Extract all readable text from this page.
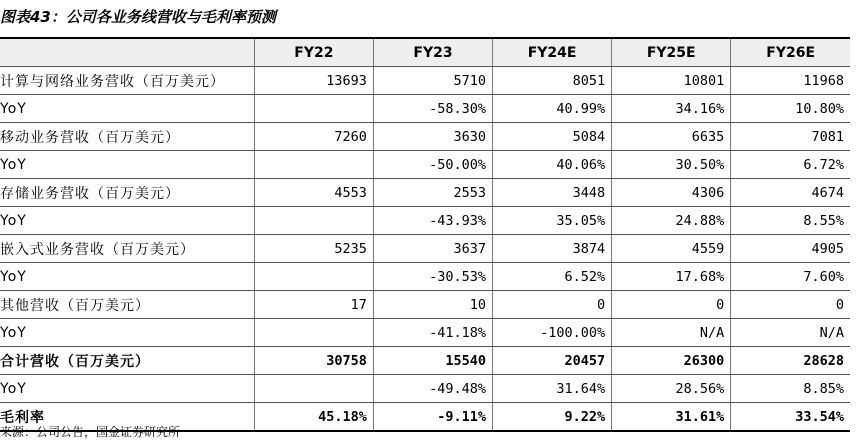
图表43：公司各业务线营收与毛利率预测
	FY22	FY23	FY24E	FY25E	FY26E
计算与网络业务营收（百万美元）	13693	5710	8051	10801	11968
YoY		-58.30%	40.99%	34.16%	10.80%
移动业务营收（百万美元）	7260	3630	5084	6635	7081
YoY		-50.00%	40.06%	30.50%	6.72%
存储业务营收（百万美元）	4553	2553	3448	4306	4674
YoY		-43.93%	35.05%	24.88%	8.55%
嵌入式业务营收（百万美元）	5235	3637	3874	4559	4905
YoY		-30.53%	6.52%	17.68%	7.60%
其他营收（百万美元）	17	10	0	0	0
YoY		-41.18%	-100.00%	N/A	N/A
合计营收（百万美元）	30758	15540	20457	26300	28628
YoY		-49.48%	31.64%	28.56%	8.85%
毛利率	45.18%	-9.11%	9.22%	31.61%	33.54%
来源：公司公告，国金证券研究所
